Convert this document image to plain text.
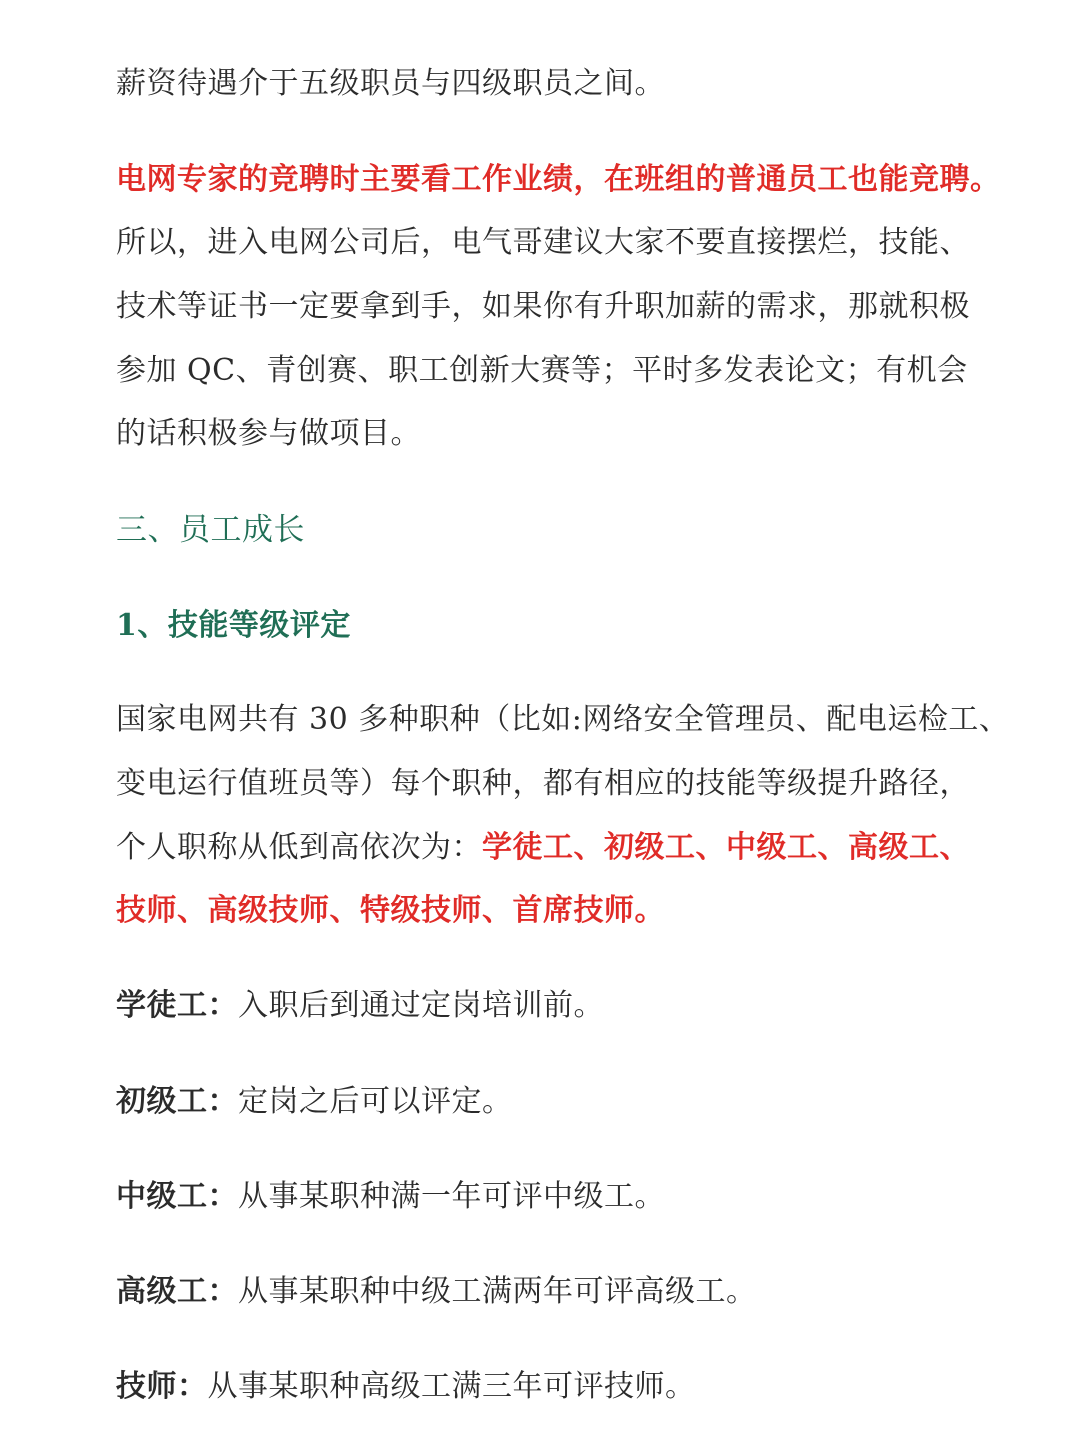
薪资待遇介于五级职员与四级职员之间。
电网专家的竞聘时主要看工作业绩，在班组的普通员工也能竞聘。
所以，进入电网公司后，电气哥建议大家不要直接摆烂，技能、
技术等证书一定要拿到手，如果你有升职加薪的需求，那就积极
参加 QC、青创赛、职工创新大赛等；平时多发表论文；有机会
的话积极参与做项目。
三、员工成长
1、技能等级评定
国家电网共有 30 多种职种（比如:网络安全管理员、配电运检工、
变电运行值班员等）每个职种，都有相应的技能等级提升路径，
个人职称从低到高依次为：学徒工、初级工、中级工、高级工、
技师、高级技师、特级技师、首席技师。
学徒工：入职后到通过定岗培训前。
初级工：定岗之后可以评定。
中级工：从事某职种满一年可评中级工。
高级工：从事某职种中级工满两年可评高级工。
技师：从事某职种高级工满三年可评技师。
